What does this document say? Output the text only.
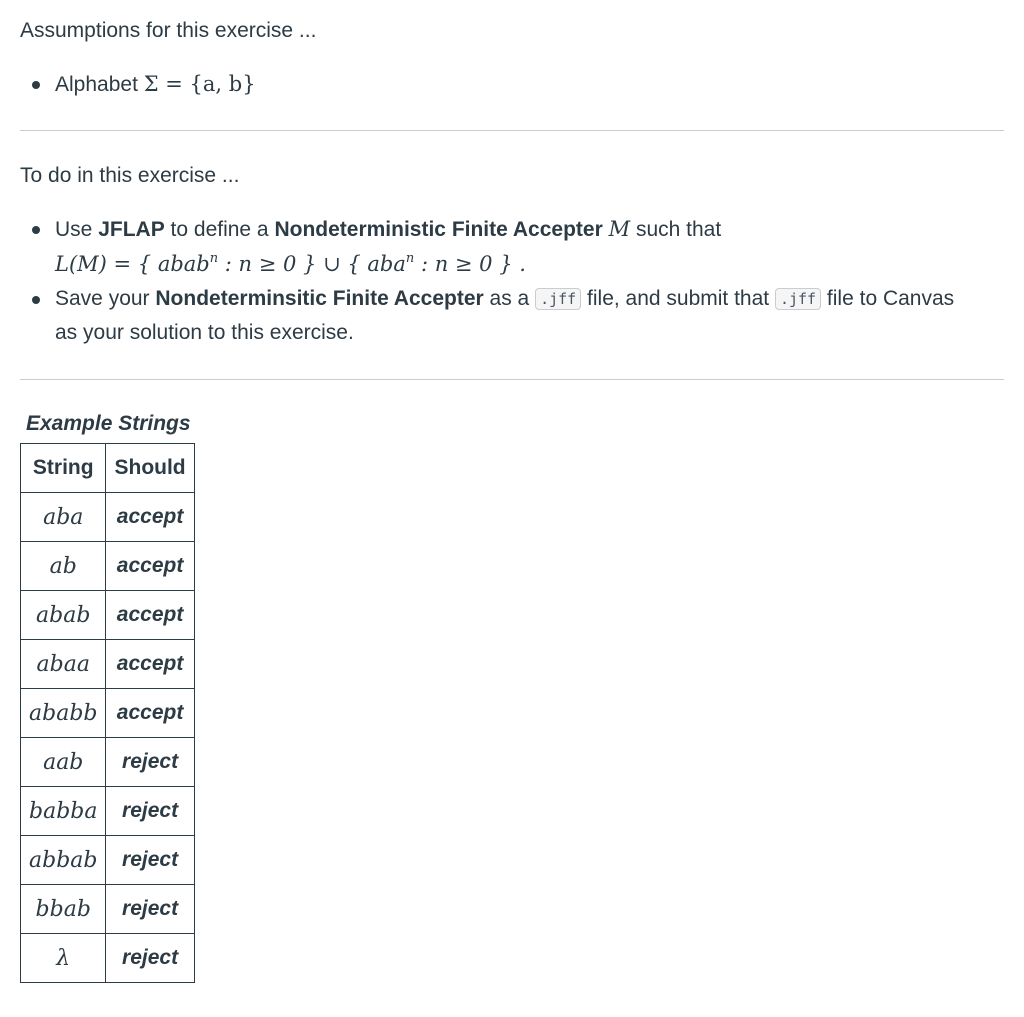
Assumptions for this exercise ...

Alphabet Σ = {a, b}

To do in this exercise ...

Use JFLAP to define a Nondeterministic Finite Accepter M such that
L(M) = { abab$^n$ : n ≥ 0 } ∪ { aba$^n$ : n ≥ 0 } .
Save your Nondeterminsitic Finite Accepter as a .jff file, and submit that .jff file to Canvas
as your solution to this exercise.
Example Strings
String	Should
aba	accept
ab	accept
abab	accept
abaa	accept
ababb	accept
aab	reject
babba	reject
abbab	reject
bbab	reject
λ	reject
